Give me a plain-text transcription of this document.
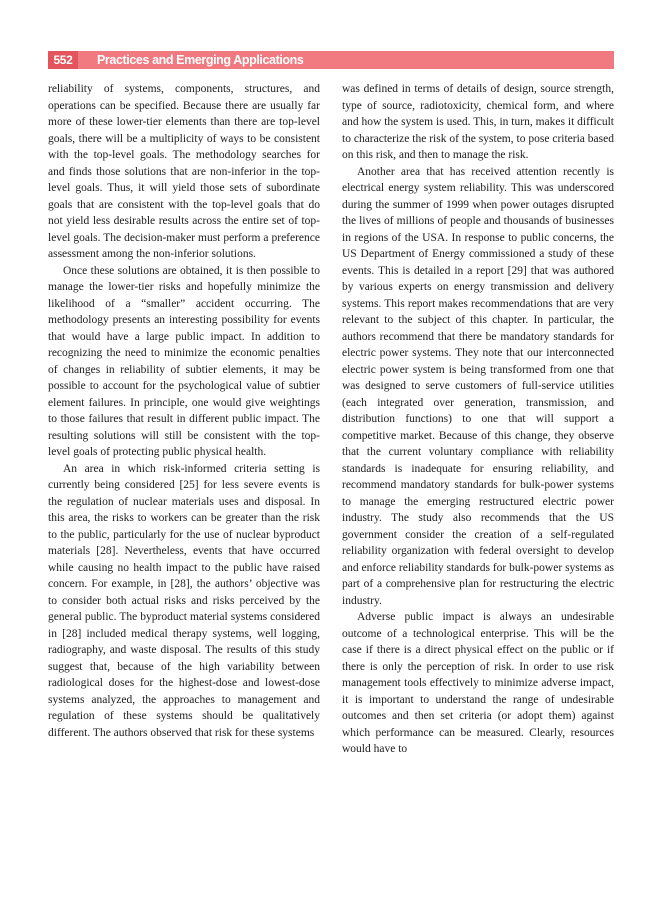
552	Practices and Emerging Applications

reliability of systems, components, structures, and operations can be specified. Because there are usually far more of these lower-tier elements than there are top-level goals, there will be a multiplicity of ways to be consistent with the top-level goals. The methodology searches for and finds those solutions that are non-inferior in the top-level goals. Thus, it will yield those sets of subordinate goals that are consistent with the top-level goals that do not yield less desirable results across the entire set of top-level goals. The decision-maker must perform a preference assessment among the non-inferior solutions.

Once these solutions are obtained, it is then possible to manage the lower-tier risks and hopefully minimize the likelihood of a “smaller” accident occurring. The methodology presents an interesting possibility for events that would have a large public impact. In addition to recognizing the need to minimize the economic penalties of changes in reliability of subtier elements, it may be possible to account for the psychological value of subtier element failures. In principle, one would give weightings to those failures that result in different public impact. The resulting solutions will still be consistent with the top-level goals of protecting public physical health.

An area in which risk-informed criteria setting is currently being considered [25] for less severe events is the regulation of nuclear materials uses and disposal. In this area, the risks to workers can be greater than the risk to the public, particularly for the use of nuclear byproduct materials [28]. Nevertheless, events that have occurred while causing no health impact to the public have raised concern. For example, in [28], the authors’ objective was to consider both actual risks and risks perceived by the general public. The byproduct material systems considered in [28] included medical therapy systems, well logging, radiography, and waste disposal. The results of this study suggest that, because of the high variability between radiological doses for the highest-dose and lowest-dose systems analyzed, the approaches to management and regulation of these systems should be qualitatively different. The authors observed that risk for these systems

was defined in terms of details of design, source strength, type of source, radiotoxicity, chemical form, and where and how the system is used. This, in turn, makes it difficult to characterize the risk of the system, to pose criteria based on this risk, and then to manage the risk.

Another area that has received attention recently is electrical energy system reliability. This was underscored during the summer of 1999 when power outages disrupted the lives of millions of people and thousands of businesses in regions of the USA. In response to public concerns, the US Department of Energy commissioned a study of these events. This is detailed in a report [29] that was authored by various experts on energy transmission and delivery systems. This report makes recommendations that are very relevant to the subject of this chapter. In particular, the authors recommend that there be mandatory standards for electric power systems. They note that our interconnected electric power system is being transformed from one that was designed to serve customers of full-service utilities (each integrated over generation, transmission, and distribution functions) to one that will support a competitive market. Because of this change, they observe that the current voluntary compliance with reliability standards is inadequate for ensuring reliability, and recommend mandatory standards for bulk-power systems to manage the emerging restructured electric power industry. The study also recommends that the US government consider the creation of a self-regulated reliability organization with federal oversight to develop and enforce reliability standards for bulk-power systems as part of a comprehensive plan for restructuring the electric industry.

Adverse public impact is always an undesirable outcome of a technological enterprise. This will be the case if there is a direct physical effect on the public or if there is only the perception of risk. In order to use risk management tools effectively to minimize adverse impact, it is important to understand the range of undesirable outcomes and then set criteria (or adopt them) against which performance can be measured. Clearly, resources would have to
